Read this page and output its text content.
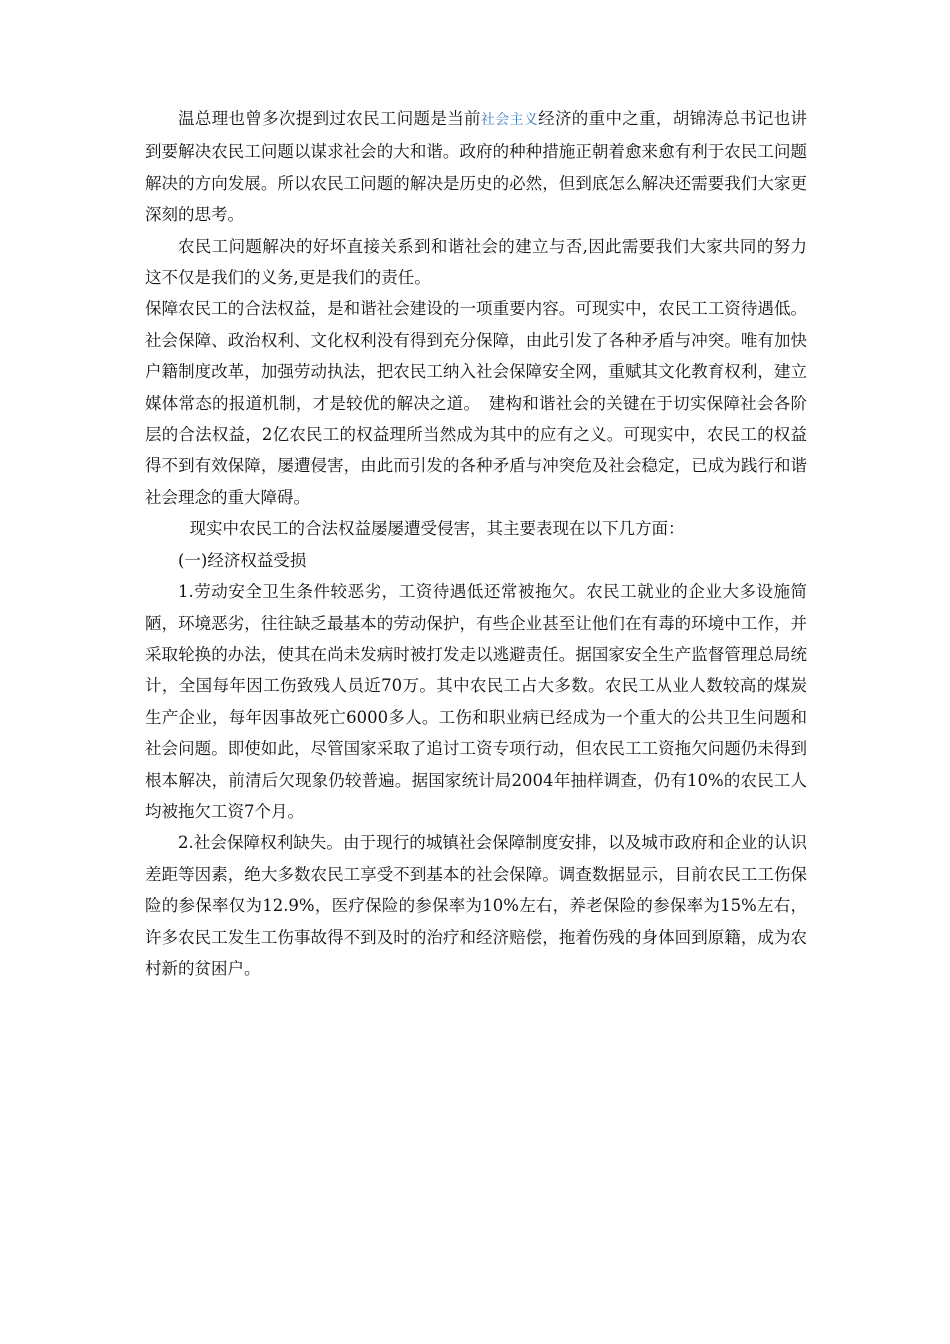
温总理也曾多次提到过农民工问题是当前社会主义经济的重中之重，胡锦涛总书记也讲到要解决农民工问题以谋求社会的大和谐。政府的种种措施正朝着愈来愈有利于农民工问题解决的方向发展。所以农民工问题的解决是历史的必然，但到底怎么解决还需要我们大家更深刻的思考。

农民工问题解决的好坏直接关系到和谐社会的建立与否,因此需要我们大家共同的努力这不仅是我们的义务,更是我们的责任。

保障农民工的合法权益，是和谐社会建设的一项重要内容。可现实中，农民工工资待遇低。社会保障、政治权利、文化权利没有得到充分保障，由此引发了各种矛盾与冲突。唯有加快户籍制度改革，加强劳动执法，把农民工纳入社会保障安全网，重赋其文化教育权利，建立媒体常态的报道机制，才是较优的解决之道。　建构和谐社会的关键在于切实保障社会各阶层的合法权益，2亿农民工的权益理所当然成为其中的应有之义。可现实中，农民工的权益得不到有效保障，屡遭侵害，由此而引发的各种矛盾与冲突危及社会稳定，已成为践行和谐社会理念的重大障碍。

现实中农民工的合法权益屡屡遭受侵害，其主要表现在以下几方面：

(一)经济权益受损

1.劳动安全卫生条件较恶劣，工资待遇低还常被拖欠。农民工就业的企业大多设施简陋，环境恶劣，往往缺乏最基本的劳动保护，有些企业甚至让他们在有毒的环境中工作，并采取轮换的办法，使其在尚未发病时被打发走以逃避责任。据国家安全生产监督管理总局统计，全国每年因工伤致残人员近70万。其中农民工占大多数。农民工从业人数较高的煤炭生产企业，每年因事故死亡6000多人。工伤和职业病已经成为一个重大的公共卫生问题和社会问题。即使如此，尽管国家采取了追讨工资专项行动，但农民工工资拖欠问题仍未得到根本解决，前清后欠现象仍较普遍。据国家统计局2004年抽样调查，仍有10%的农民工人均被拖欠工资7个月。

2.社会保障权利缺失。由于现行的城镇社会保障制度安排，以及城市政府和企业的认识差距等因素，绝大多数农民工享受不到基本的社会保障。调查数据显示，目前农民工工伤保险的参保率仅为12.9%，医疗保险的参保率为10%左右，养老保险的参保率为15%左右，许多农民工发生工伤事故得不到及时的治疗和经济赔偿，拖着伤残的身体回到原籍，成为农村新的贫困户。
